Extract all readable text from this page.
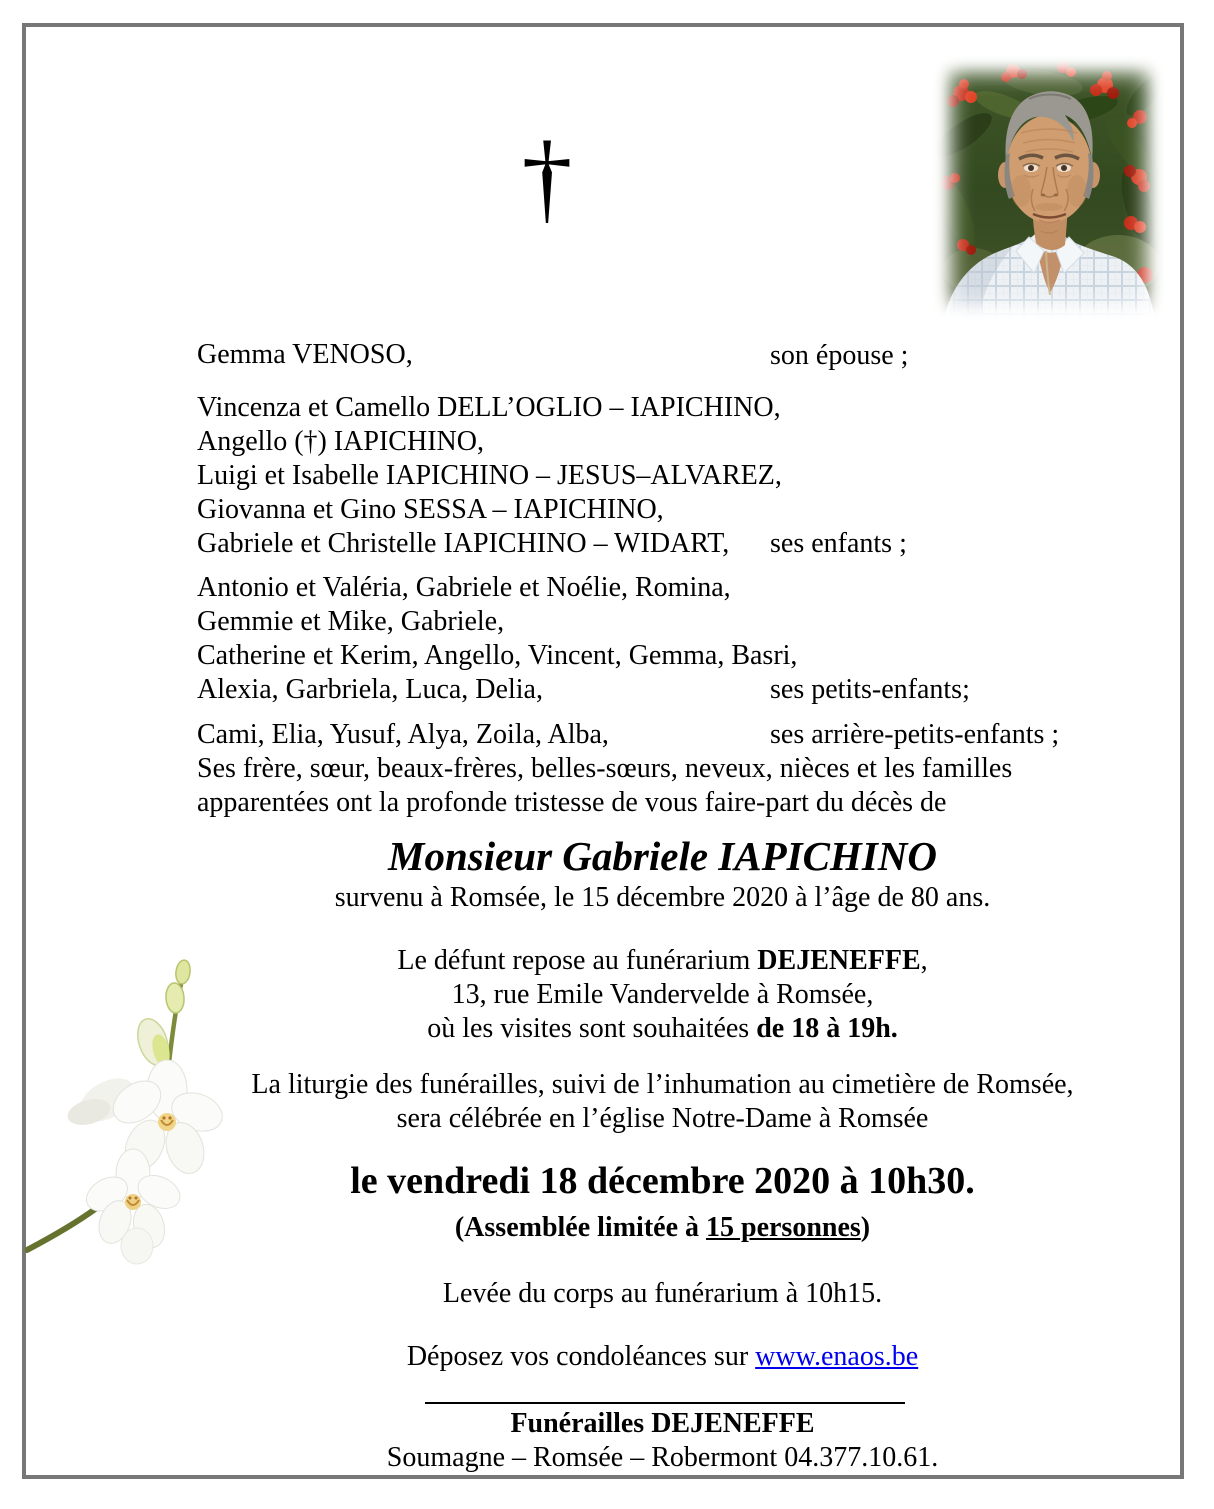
†

Gemma VENOSO,	son épouse ;

Vincenza et Camello DELL’OGLIO – IAPICHINO,
Angello (†) IAPICHINO,
Luigi et Isabelle IAPICHINO – JESUS–ALVAREZ,
Giovanna et Gino SESSA – IAPICHINO,
Gabriele et Christelle IAPICHINO – WIDART, ses enfants ;

Antonio et Valéria, Gabriele et Noélie, Romina,
Gemmie et Mike, Gabriele,
Catherine et Kerim, Angello, Vincent, Gemma, Basri,
Alexia, Garbriela, Luca, Delia,	ses petits-enfants;

Cami, Elia, Yusuf, Alya, Zoila, Alba,	ses arrière-petits-enfants ;
Ses frère, sœur, beaux-frères, belles-sœurs, neveux, nièces et les familles
apparentées ont la profonde tristesse de vous faire-part du décès de

Monsieur Gabriele IAPICHINO
survenu à Romsée, le 15 décembre 2020 à l’âge de 80 ans.
Le défunt repose au funérarium DEJENEFFE,
13, rue Emile Vandervelde à Romsée,
où les visites sont souhaitées de 18 à 19h.
La liturgie des funérailles, suivi de l’inhumation au cimetière de Romsée,
sera célébrée en l’église Notre-Dame à Romsée
le vendredi 18 décembre 2020 à 10h30.
(Assemblée limitée à 15 personnes)
Levée du corps au funérarium à 10h15.
Déposez vos condoléances sur www.enaos.be
Funérailles DEJENEFFE
Soumagne – Romsée – Robermont 04.377.10.61.
